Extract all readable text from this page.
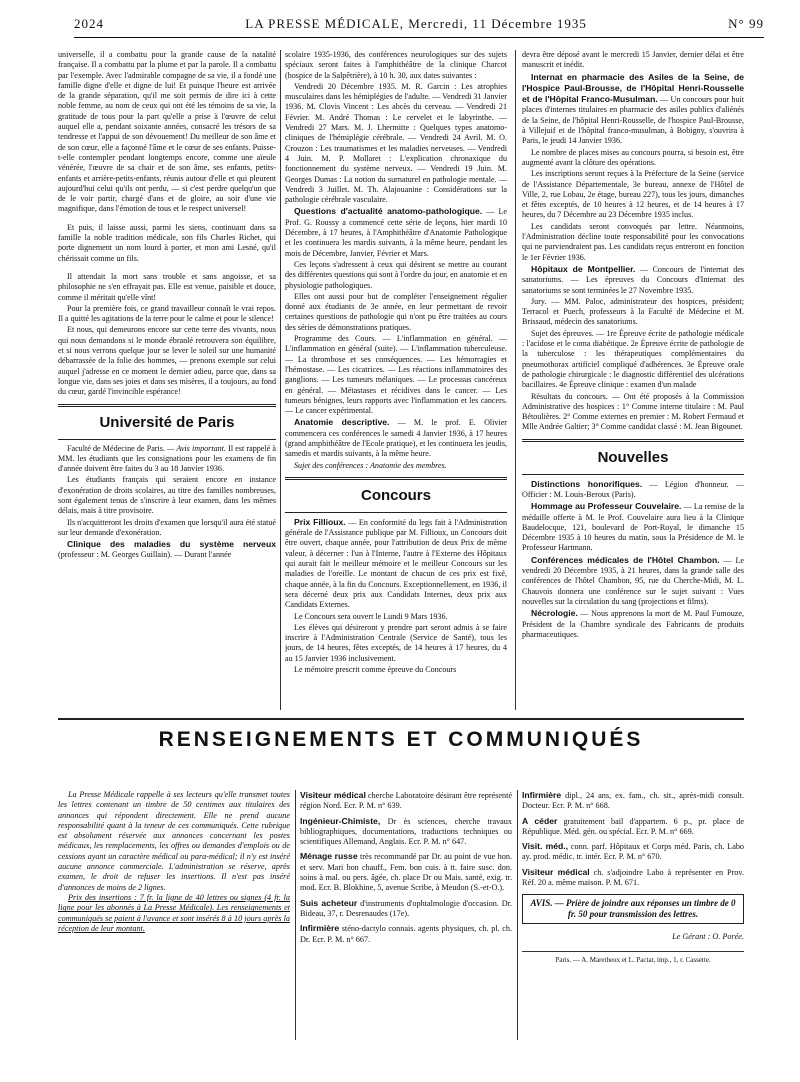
2024	LA PRESSE MÉDICALE, Mercredi, 11 Décembre 1935	N° 99

universelle, il a combattu pour la grande cause de la natalité française. Il a combattu par la plume et par la parole. Il a combattu par l'exemple. Avec l'admirable compagne de sa vie, il a fondé une famille digne d'elle et digne de lui! Et puisque l'heure est arrivée de la grande séparation, qu'il me soit permis de dire ici à cette noble femme, au nom de ceux qui ont été les témoins de sa vie, la gratitude de tous pour la part qu'elle a prise à l'œuvre de celui auquel elle a, pendant soixante années, consacré les trésors de sa tendresse et l'appui de son dévouement! Du meilleur de son âme et de son cœur, elle a façonné l'âme et le cœur de ses enfants. Puisse-t-elle contempler pendant longtemps encore, comme une aïeule vénérée, l'œuvre de sa chair et de son âme, ses enfants, petits-enfants et arrière-petits-enfants, réunis autour d'elle et qui pleurent aujourd'hui celui qu'ils ont perdu, — si c'est perdre quelqu'un que de le voir partir, chargé d'ans et de gloire, au soir d'une vie magnifique, dans l'émotion de tous et le respect universel!

Et puis, il laisse aussi, parmi les siens, continuant dans sa famille la noble tradition médicale, son fils Charles Richet, qui porte dignement un nom lourd à porter, et mon ami Lesné, qu'il chérissait comme un fils.

Il attendait la mort sans trouble et sans angoisse, et sa philosophie ne s'en effrayait pas. Elle est venue, paisible et douce, comme il méritait qu'elle vînt!

Pour la première fois, ce grand travailleur connaît le vrai repos. Il a quitté les agitations de la terre pour le calme et pour le silence!

Et nous, qui demeurons encore sur cette terre des vivants, nous qui nous demandons si le monde ébranlé retrouvera son équilibre, et si nous verrons quelque jour se lever le soleil sur une humanité débarrassée de la folie des hommes, — prenons exemple sur celui auquel j'adresse en ce moment le dernier adieu, parce que, dans sa longue vie, dans ses joies et dans ses misères, il a toujours, au fond du cœur, gardé l'invincible espérance!

Université de Paris

Faculté de Médecine de Paris. — Avis important. Il est rappelé à MM. les étudiants que les consignations pour les examens de fin d'année doivent être faites du 3 au 18 Janvier 1936.

Les étudiants français qui seraient encore en instance d'exonération de droits scolaires, au titre des familles nombreuses, sont également tenus de s'inscrire à leur examen, dans les mêmes délais, mais à titre provisoire.

Ils n'acquitteront les droits d'examen que lorsqu'il aura été statué sur leur demande d'exonération.

Clinique des maladies du système nerveux (professeur : M. Georges Guillain). — Durant l'année

scolaire 1935-1936, des conférences neurologiques sur des sujets spéciaux seront faites à l'amphithéâtre de la clinique Charcot (hospice de la Salpêtrière), à 10 h. 30, aux dates suivantes :

Vendredi 20 Décembre 1935. M. R. Garcin : Les atrophies musculaires dans les hémiplégies de l'adulte. — Vendredi 31 Janvier 1936. M. Clovis Vincent : Les abcès du cerveau. — Vendredi 21 Février. M. André Thomas : Le cervelet et le labyrinthe. — Vendredi 27 Mars. M. J. Lhermitte : Quelques types anatomo-cliniques de l'hémiplégie cérébrale. — Vendredi 24 Avril. M. O. Crouzon : Les traumatismes et les maladies nerveuses. — Vendredi 4 Juin. M. P. Mollaret : L'explication chronaxique du fonctionnement du système nerveux. — Vendredi 19 Juin. M. Georges Dumas : La notion du surnaturel en pathologie mentale. — Vendredi 3 Juillet. M. Th. Alajouanine : Considérations sur la pathologie cérébrale vasculaire.

Questions d'actualité anatomo-pathologique. — Le Prof. G. Roussy a commencé cette série de leçons, hier mardi 10 Décembre, à 17 heures, à l'Amphithéâtre d'Anatomie Pathologique et les continuera les mardis suivants, à la même heure, pendant les mois de Décembre, Janvier, Février et Mars.

Ces leçons s'adressent à ceux qui désirent se mettre au courant des différentes questions qui sont à l'ordre du jour, en anatomie et en physiologie pathologiques.

Elles ont aussi pour but de compléter l'enseignement régulier donné aux étudiants de 3e année, en leur permettant de revoir certaines questions de pathologie qui n'ont pu être traitées au cours des séries de démonstrations pratiques.

Programme des Cours. — L'inflammation en général. — L'inflammation en général (suite). — L'inflammation tuberculeuse. — La thrombose et ses conséquences. — Les hémorragies et l'hémostase. — Les cicatrices. — Les réactions inflammatoires des ganglions. — Les tumeurs mélaniques. — Le processus cancéreux en général. — Métastases et récidives dans le cancer. — Les tumeurs bénignes, leurs rapports avec l'inflammation et les cancers. — Le cancer expérimental.

Anatomie descriptive. — M. le prof. E. Olivier commencera ces conférences le samedi 4 Janvier 1936, à 17 heures (grand amphithéâtre de l'Ecole pratique), et les continuera les jeudis, samedis et mardis suivants, à la même heure.

Sujet des conférences : Anatomie des membres.

Concours

Prix Fillioux. — En conformité du legs fait à l'Administration générale de l'Assistance publique par M. Fillioux, un Concours doit être ouvert, chaque année, pour l'attribution de deux Prix de même valeur, à décerner : l'un à l'Interne, l'autre à l'Externe des Hôpitaux qui aurait fait le meilleur mémoire et le meilleur Concours sur les maladies de l'oreille. Le montant de chacun de ces prix est fixé, chaque année, à la fin du Concours. Exceptionnellement, en 1936, il sera décerné deux prix aux Candidats Internes, deux prix aux Candidats Externes.

Le Concours sera ouvert le Lundi 9 Mars 1936.

Les élèves qui désireront y prendre part seront admis à se faire inscrire à l'Administration Centrale (Service de Santé), tous les jours, de 14 heures, fêtes exceptés, de 14 heures à 17 heures, du 4 au 15 Janvier 1936 inclusivement.

Le mémoire prescrit comme épreuve du Concours

devra être déposé avant le mercredi 15 Janvier, dernier délai et être manuscrit et inédit.

Internat en pharmacie des Asiles de la Seine, de l'Hospice Paul-Brousse, de l'Hôpital Henri-Rousselle et de l'Hôpital Franco-Musulman. — Un concours pour huit places d'internes titulaires en pharmacie des asiles publics d'aliénés de la Seine, de l'hôpital Henri-Rousselle, de l'hospice Paul-Brousse, à Villejuif et de l'hôpital franco-musulman, à Bobigny, s'ouvrira à Paris, le jeudi 14 Janvier 1936.

Le nombre de places mises au concours pourra, si besoin est, être augmenté avant la clôture des opérations.

Les inscriptions seront reçues à la Préfecture de la Seine (service de l'Assistance Départementale, 3e bureau, annexe de l'Hôtel de Ville, 2, rue Lobau, 2e étage, bureau 227), tous les jours, dimanches et fêtes exceptés, de 10 heures à 12 heures, et de 14 heures à 17 heures, du 7 Décembre au 23 Décembre 1935 inclus.

Les candidats seront convoqués par lettre. Néanmoins, l'Administration décline toute responsabilité pour les convocations qui ne parviendraient pas. Les candidats reçus entreront en fonction le 1er Février 1936.

Hôpitaux de Montpellier. — Concours de l'internat des sanatoriums. — Les épreuves du Concours d'Internat des sanatoriums se sont terminées le 27 Novembre 1935.

Jury. — MM. Paloc, administrateur des hospices, président; Terracol et Puech, professeurs à la Faculté de Médecine et M. Brissaud, médecin des sanatoriums.

Sujet des épreuves. — 1re Épreuve écrite de pathologie médicale : l'acidose et le coma diabétique. 2e Épreuve écrite de pathologie de la tuberculose : les thérapeutiques complémentaires du pneumothorax artificiel compliqué d'adhérences. 3e Épreuve orale de pathologie chirurgicale : le diagnostic différentiel des ulcérations bacillaires. 4e Épreuve clinique : examen d'un malade

Résultats du concours. — Ont été proposés à la Commission Administrative des hospices : 1° Comme interne titulaire : M. Paul Bétoulières. 2° Comme externes en premier : M. Robert Fermaud et Mlle Andrée Galtier; 3° Comme candidat classé : M. Jean Bigounet.

Nouvelles

Distinctions honorifiques. — Légion d'honneur. — Officier : M. Louis-Beroux (Paris).

Hommage au Professeur Couvelaire. — La remise de la médaille offerte à M. le Prof. Couvelaire aura lieu à la Clinique Baudelocque, 121, boulevard de Port-Royal, le dimanche 15 Décembre 1935 à 10 heures du matin, sous la Présidence de M. le Professeur Hartmann.

Conférences médicales de l'Hôtel Chambon. — Le vendredi 20 Décembre 1935, à 21 heures, dans la grande salle des conférences de l'hôtel Chambon, 95, rue du Cherche-Midi, M. L. Chauvois donnera une conférence sur le sujet suivant : Vues nouvelles sur la circulation du sang (projections et films).

Nécrologie. — Nous apprenons la mort de M. Paul Fumouze, Président de la Chambre syndicale des Fabricants de produits pharmaceutiques.

RENSEIGNEMENTS ET COMMUNIQUÉS

La Presse Médicale rappelle à ses lecteurs qu'elle transmet toutes les lettres contenant un timbre de 50 centimes aux titulaires des annonces qui répondent directement. Elle ne prend aucune responsabilité quant à la teneur de ces communiqués. Cette rubrique est absolument réservée aux annonces concernant les postes médicaux, les remplacements, les offres ou demandes d'emplois ou de cessions ayant un caractère médical ou para-médical; il n'y est inséré aucune annonce commerciale. L'administration se réserve, après examen, le droit de refuser les insertions. Il n'est pas inséré d'annonces de moins de 2 lignes.

Prix des insertions : 7 fr. la ligne de 40 lettres ou signes (4 fr. la ligne pour les abonnés à La Presse Médicale). Les renseignements et communiqués se paient à l'avance et sont insérés 8 à 10 jours après la réception de leur montant.

Visiteur médical cherche Laboratoire désirant être représenté région Nord. Ecr. P. M. n° 639.

Ingénieur-Chimiste, Dr ès sciences, cherche travaux bibliographiques, documentations, traductions techniques ou scientifiques Allemand, Anglais. Ecr. P. M. n° 647.

Ménage russe très recommandé par Dr. au point de vue hon. et serv. Mari bon chauff., Fem. bon cuis. à tt. faire susc. don. soins à mal. ou pers. âgée, ch. place Dr ou Mais. santé, exig. tr. mod. Ecr. B. Blokhine, 5, avenue Scribe, à Meudon (S.-et-O.).

Suis acheteur d'instruments d'ophtalmologie d'occasion. Dr. Bideau, 37, r. Desrenaudes (17e).

Infirmière sténo-dactylo connais. agents physiques, ch. pl. ch. Dr. Ecr. P. M. n° 667.

Infirmière dipl., 24 ans, ex. fam., ch. sit., après-midi consult. Docteur. Ecr. P. M. n° 668.

A céder gratuitement bail d'appartem. 6 p., pr. place de République. Méd. gén. ou spécial. Ecr. P. M. n° 669.

Visit. méd., conn. parf. Hôpitaux et Corps méd. Paris, ch. Labo ay. prod. médic. tr. intér. Ecr. P. M. n° 670.

Visiteur médical ch. s'adjoindre Labo à représenter en Prov. Réf. 20 a. même maison. P. M. 671.

AVIS. — Prière de joindre aux réponses un timbre de 0 fr. 50 pour transmission des lettres.
Le Gérant : O. Porée.
Paris. — A. Maretheux et L. Pactat, imp., 1, r. Cassette.
